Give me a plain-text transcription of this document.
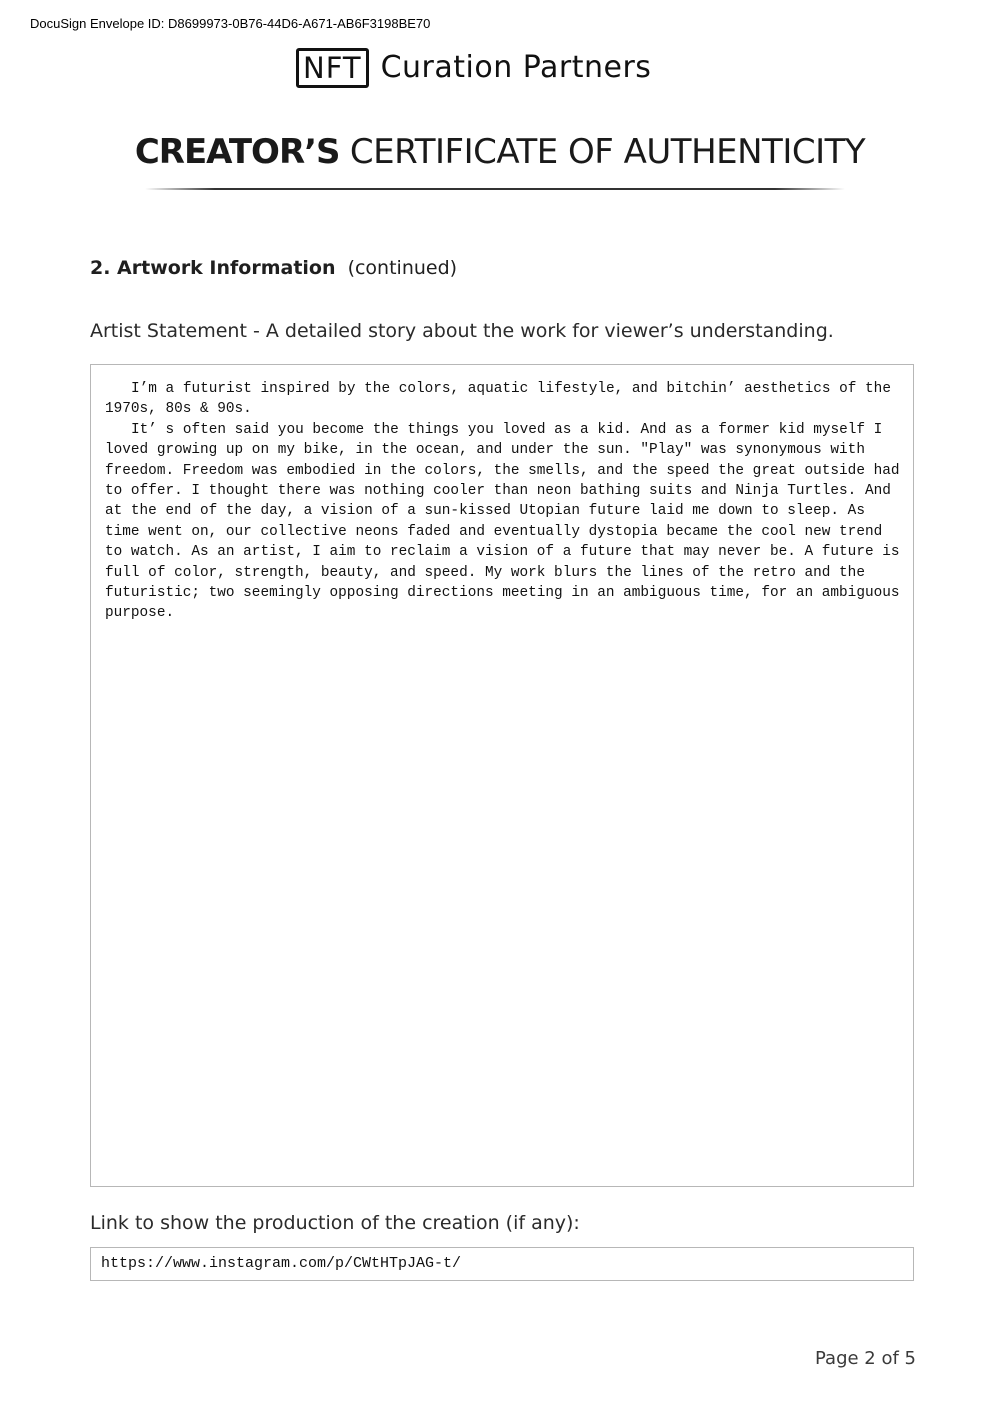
DocuSign Envelope ID: D8699973-0B76-44D6-A671-AB6F3198BE70
NFT Curation Partners
CREATOR’S CERTIFICATE OF AUTHENTICITY
2. Artwork Information (continued)
Artist Statement - A detailed story about the work for viewer’s understanding.

I’m a futurist inspired by the colors, aquatic lifestyle, and bitchin’ aesthetics of the 1970s, 80s & 90s.

It’ s often said you become the things you loved as a kid. And as a former kid myself I loved growing up on my bike, in the ocean, and under the sun. ″Play″ was synonymous with freedom. Freedom was embodied in the colors, the smells, and the speed the great outside had to offer. I thought there was nothing cooler than neon bathing suits and Ninja Turtles. And at the end of the day, a vision of a sun-kissed Utopian future laid me down to sleep. As time went on, our collective neons faded and eventually dystopia became the cool new trend to watch. As an artist, I aim to reclaim a vision of a future that may never be. A future is full of color, strength, beauty, and speed. My work blurs the lines of the retro and the futuristic; two seemingly opposing directions meeting in an ambiguous time, for an ambiguous purpose.

Link to show the production of the creation (if any):
https://www.instagram.com/p/CWtHTpJAG-t/
Page 2 of 5
